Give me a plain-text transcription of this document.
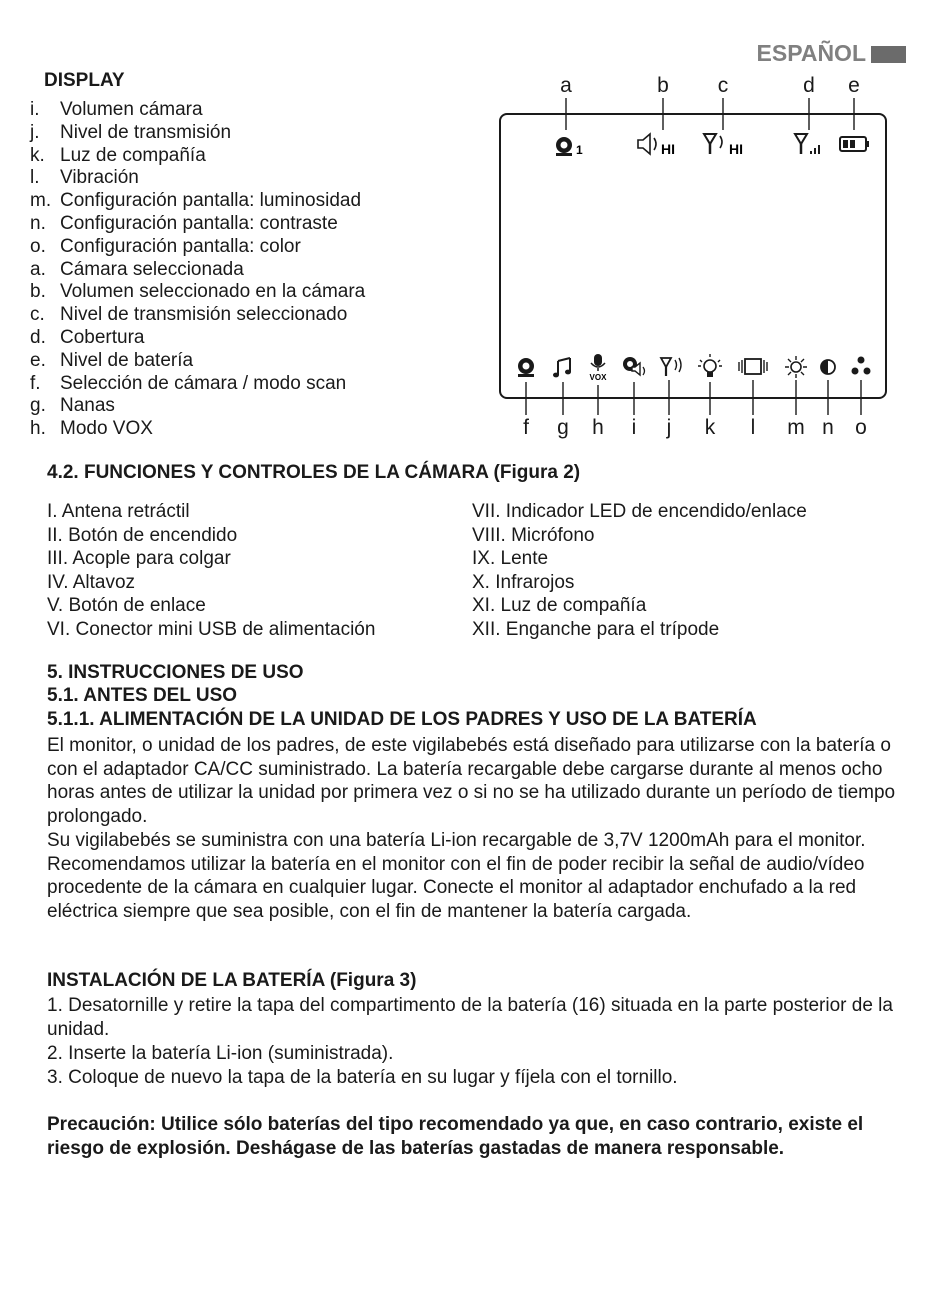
ESPAÑOL
DISPLAY
i.	Volumen cámara
j.	Nivel de transmisión
k. Luz de compañía
l.	Vibración
m. Configuración pantalla: luminosidad
n. Configuración pantalla: contraste
o. Configuración pantalla: color
a. Cámara seleccionada
b. Volumen seleccionado en la cámara
c. Nivel de transmisión seleccionado
d. Cobertura
e. Nivel de batería
f.	Selección de cámara / modo scan
g. Nanas
h. Modo VOX
a	b c	d e
f g h i j k l m n o
1	HI	HI
VOX
4.2. FUNCIONES Y CONTROLES DE LA CÁMARA (Figura 2)
I. Antena retráctil
II. Botón de encendido
III. Acople para colgar
IV. Altavoz
V. Botón de enlace
VI. Conector mini USB de alimentación
VII. Indicador LED de encendido/enlace
VIII. Micrófono
IX. Lente
X. Infrarojos
XI. Luz de compañía
XII. Enganche para el trípode
5. INSTRUCCIONES DE USO
5.1. ANTES DEL USO
5.1.1. ALIMENTACIÓN DE LA UNIDAD DE LOS PADRES Y USO DE LA BATERÍA

El monitor, o unidad de los padres, de este vigilabebés está diseñado para utilizarse con la batería o con el adaptador CA/CC suministrado. La batería recargable debe cargarse durante al menos ocho horas antes de utilizar la unidad por primera vez o si no se ha utilizado durante un período de tiempo prolongado.

Su vigilabebés se suministra con una batería Li-ion recargable de 3,7V 1200mAh para el monitor. Recomendamos utilizar la batería en el monitor con el fin de poder recibir la señal de audio/vídeo procedente de la cámara en cualquier lugar. Conecte el monitor al adaptador enchufado a la red eléctrica siempre que sea posible, con el fin de mantener la batería cargada.

INSTALACIÓN DE LA BATERÍA (Figura 3)

1. Desatornille y retire la tapa del compartimento de la batería (16) situada en la parte posterior de la unidad.

2. Inserte la batería Li-ion (suministrada).

3. Coloque de nuevo la tapa de la batería en su lugar y fíjela con el tornillo.

Precaución: Utilice sólo baterías del tipo recomendado ya que, en caso contrario, existe el riesgo de explosión. Deshágase de las baterías gastadas de manera responsable.
